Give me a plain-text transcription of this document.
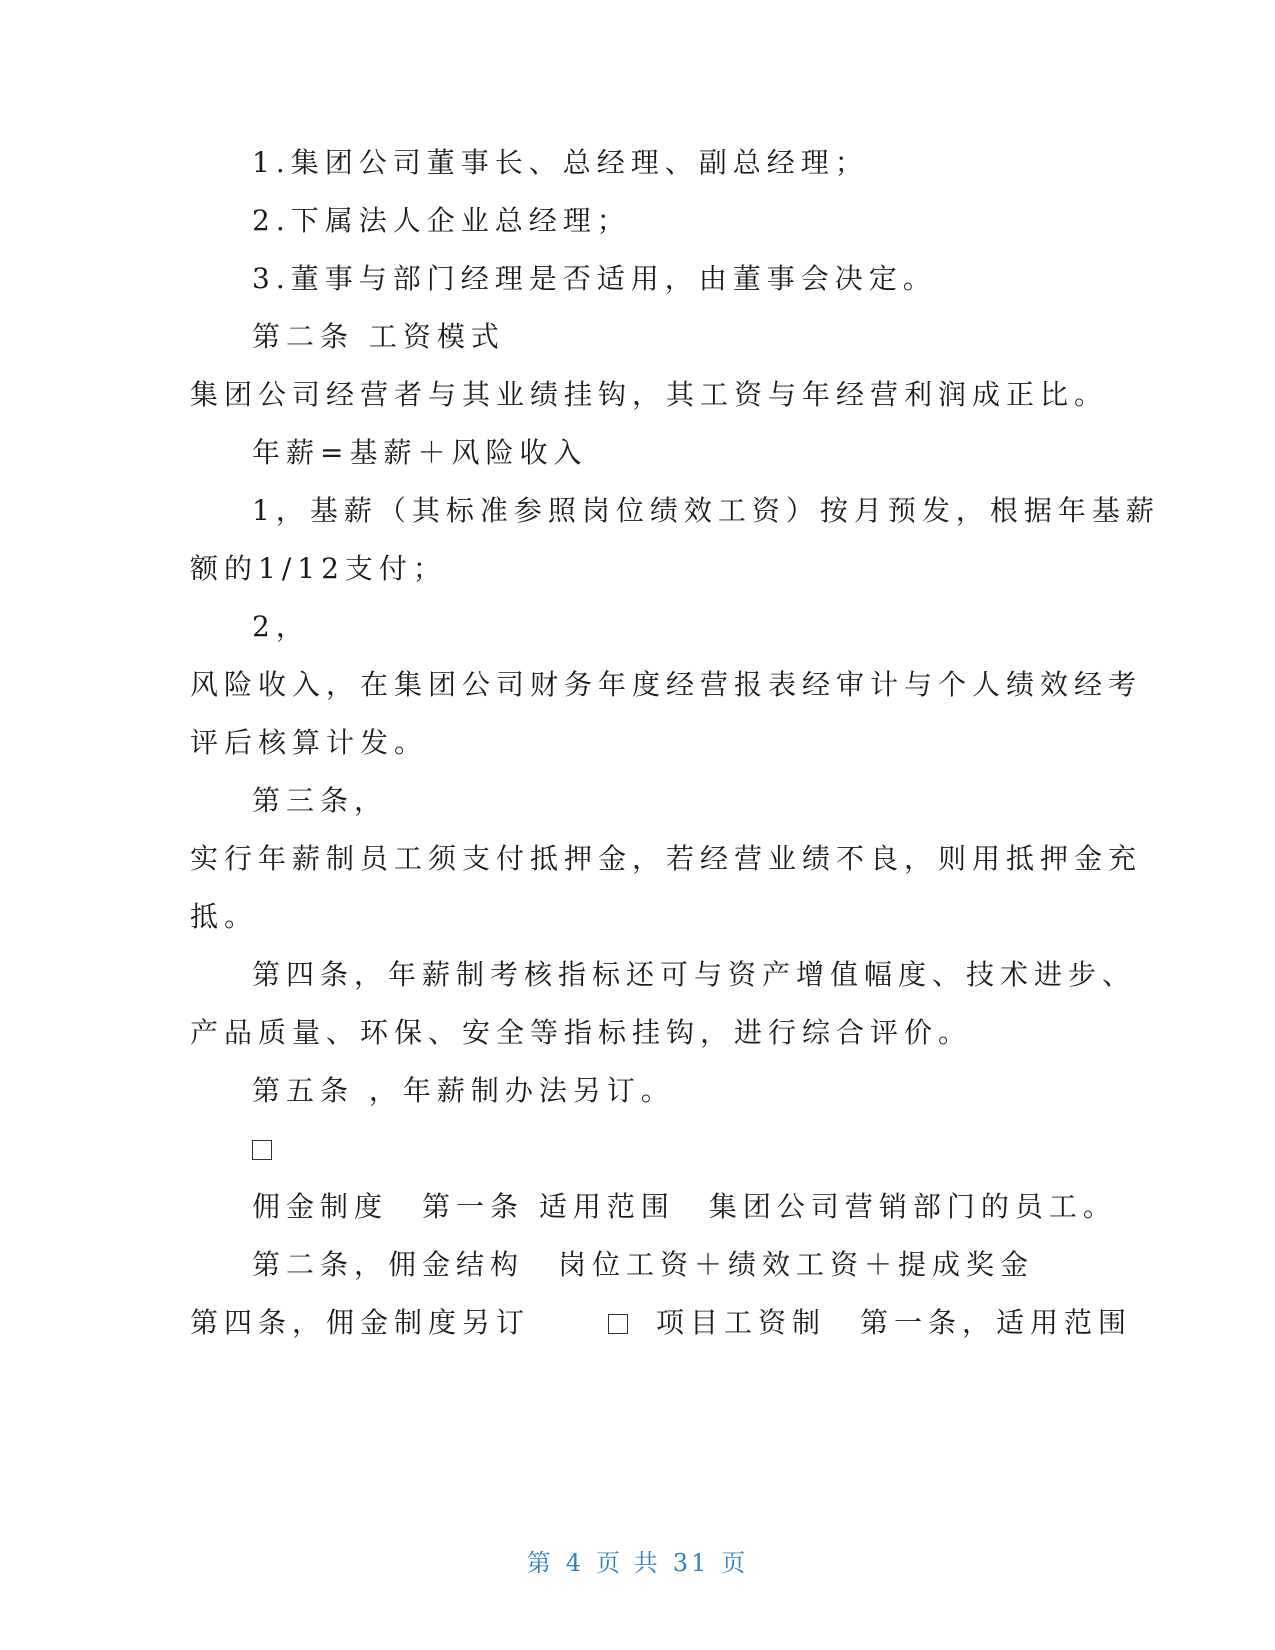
1.集团公司董事长、总经理、副总经理；
2.下属法人企业总经理；
3.董事与部门经理是否适用，由董事会决定。
第二条 工资模式
集团公司经营者与其业绩挂钩，其工资与年经营利润成正比。
年薪=基薪＋风险收入
1，基薪（其标准参照岗位绩效工资）按月预发，根据年基薪
额的1/12支付；
2，
风险收入，在集团公司财务年度经营报表经审计与个人绩效经考
评后核算计发。
第三条，
实行年薪制员工须支付抵押金，若经营业绩不良，则用抵押金充
抵。
第四条，年薪制考核指标还可与资产增值幅度、技术进步、
产品质量、环保、安全等指标挂钩，进行综合评价。
第五条 ，年薪制办法另订。
佣金制度　第一条 适用范围　集团公司营销部门的员工。
第二条，佣金结构　岗位工资＋绩效工资＋提成奖金
第四条，佣金制度另订	项目工资制　第一条，适用范围
第 4 页 共 31 页
